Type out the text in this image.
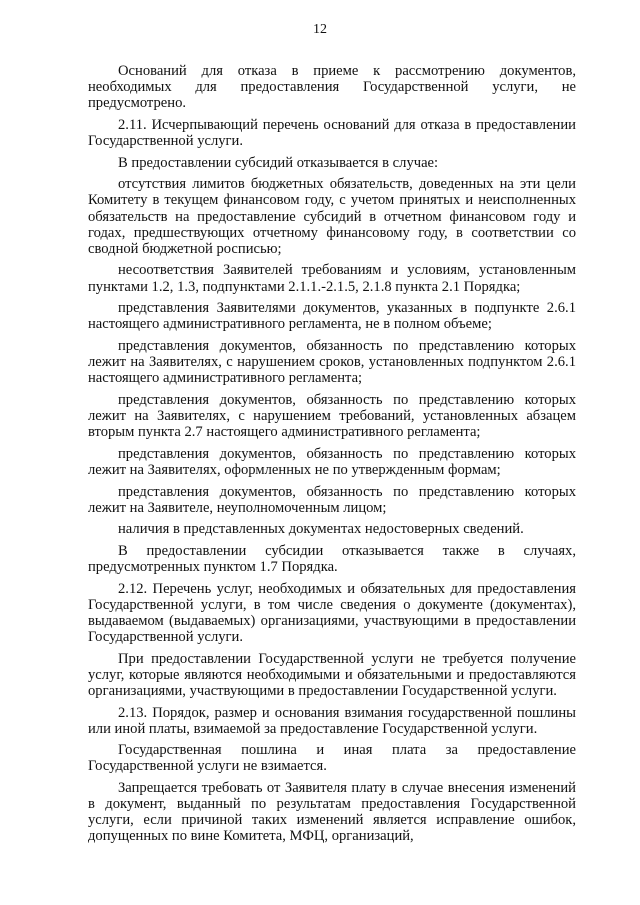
12

Оснований для отказа в приеме к рассмотрению документов, необходимых для предоставления Государственной услуги, не предусмотрено.

2.11. Исчерпывающий перечень оснований для отказа в предоставлении Государственной услуги.

В предоставлении субсидий отказывается в случае:

отсутствия лимитов бюджетных обязательств, доведенных на эти цели Комитету в текущем финансовом году, с учетом принятых и неисполненных обязательств на предоставление субсидий в отчетном финансовом году и годах, предшествующих отчетному финансовому году, в соответствии со сводной бюджетной росписью;

несоответствия Заявителей требованиям и условиям, установленным пунктами 1.2, 1.3, подпунктами 2.1.1.-2.1.5, 2.1.8 пункта 2.1 Порядка;

представления Заявителями документов, указанных в подпункте 2.6.1 настоящего административного регламента, не в полном объеме;

представления документов, обязанность по представлению которых лежит на Заявителях, с нарушением сроков, установленных подпунктом 2.6.1 настоящего административного регламента;

представления документов, обязанность по представлению которых лежит на Заявителях, с нарушением требований, установленных абзацем вторым пункта 2.7 настоящего административного регламента;

представления документов, обязанность по представлению которых лежит на Заявителях, оформленных не по утвержденным формам;

представления документов, обязанность по представлению которых лежит на Заявителе, неуполномоченным лицом;

наличия в представленных документах недостоверных сведений.

В предоставлении субсидии отказывается также в случаях, предусмотренных пунктом 1.7 Порядка.

2.12. Перечень услуг, необходимых и обязательных для предоставления Государственной услуги, в том числе сведения о документе (документах), выдаваемом (выдаваемых) организациями, участвующими в предоставлении Государственной услуги.

При предоставлении Государственной услуги не требуется получение услуг, которые являются необходимыми и обязательными и предоставляются организациями, участвующими в предоставлении Государственной услуги.

2.13. Порядок, размер и основания взимания государственной пошлины или иной платы, взимаемой за предоставление Государственной услуги.

Государственная пошлина и иная плата за предоставление Государственной услуги не взимается.

Запрещается требовать от Заявителя плату в случае внесения изменений в документ, выданный по результатам предоставления Государственной услуги, если причиной таких изменений является исправление ошибок, допущенных по вине Комитета, МФЦ, организаций,
